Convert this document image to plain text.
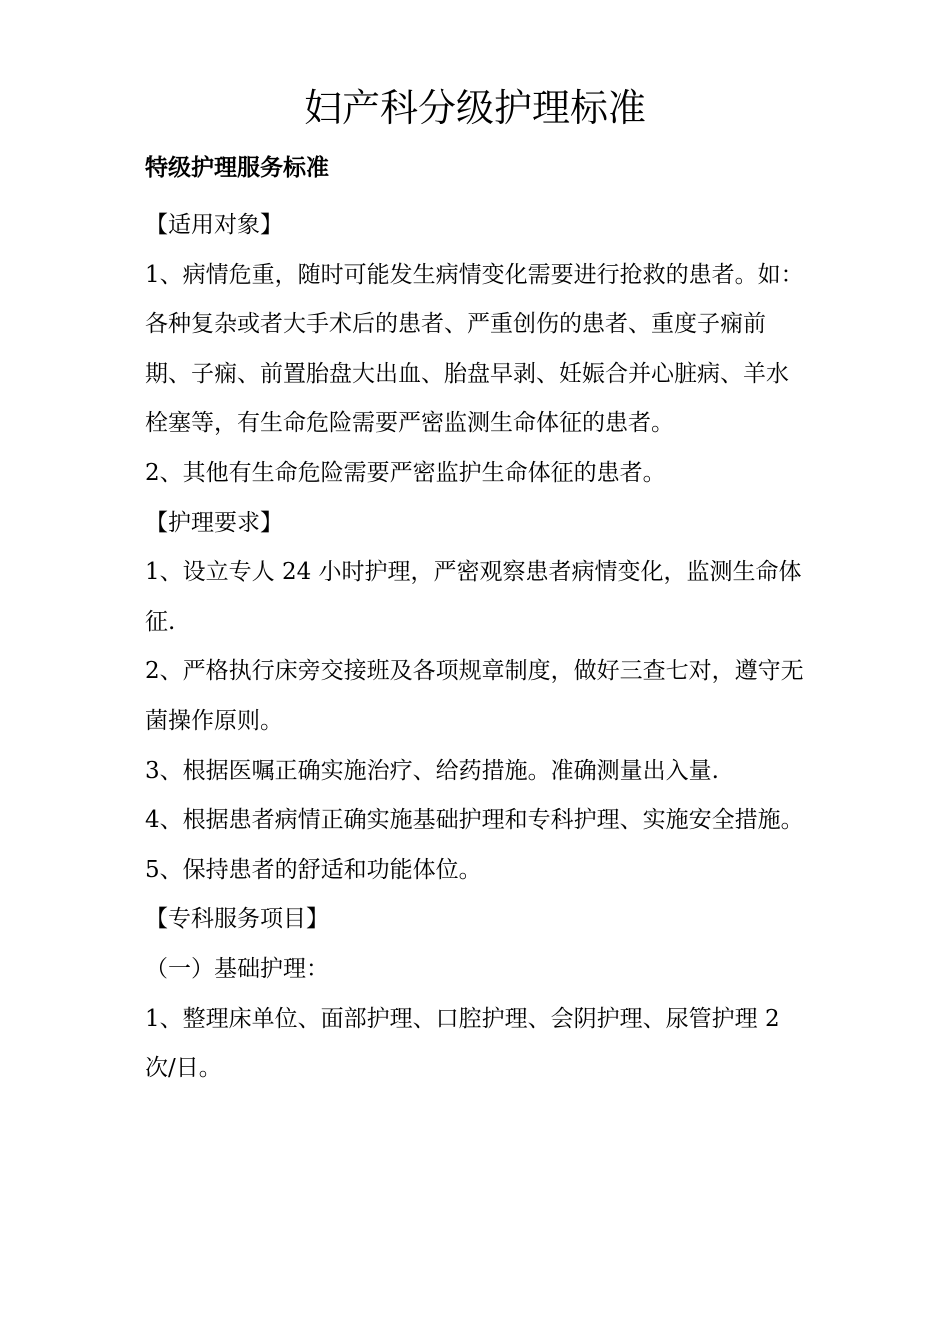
妇产科分级护理标准
特级护理服务标准

【适用对象】

1、病情危重，随时可能发生病情变化需要进行抢救的患者。如：各种复杂或者大手术后的患者、严重创伤的患者、重度子痫前期、子痫、前置胎盘大出血、胎盘早剥、妊娠合并心脏病、羊水栓塞等，有生命危险需要严密监测生命体征的患者。

2、其他有生命危险需要严密监护生命体征的患者。

【护理要求】

1、设立专人 24 小时护理，严密观察患者病情变化，监测生命体征.

2、严格执行床旁交接班及各项规章制度，做好三查七对，遵守无菌操作原则。

3、根据医嘱正确实施治疗、给药措施。准确测量出入量.

4、根据患者病情正确实施基础护理和专科护理、实施安全措施。

5、保持患者的舒适和功能体位。

【专科服务项目】

（一）基础护理：

1、整理床单位、面部护理、口腔护理、会阴护理、尿管护理 2 次/日。
